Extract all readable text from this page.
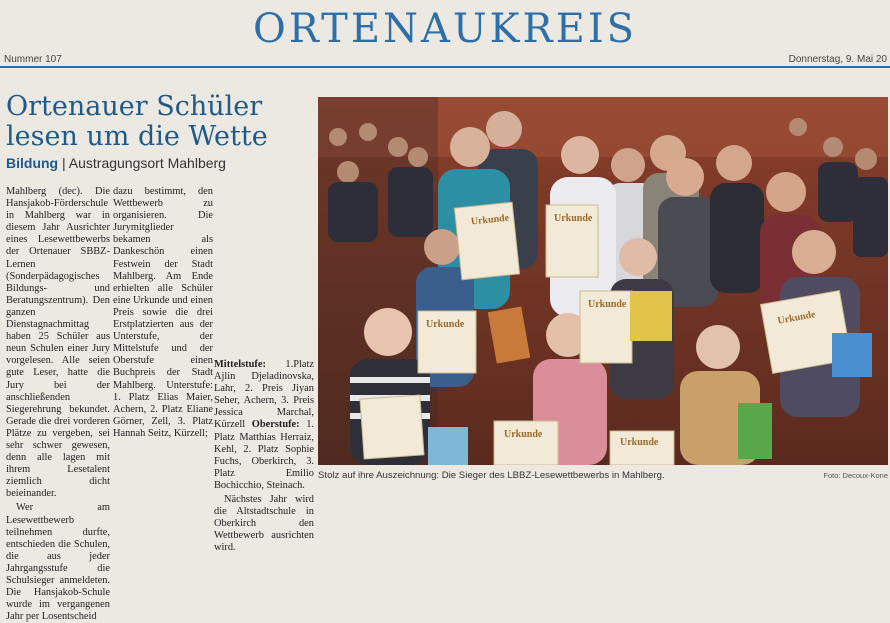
ORTENAUKREIS
Nummer 107	Donnerstag, 9. Mai 20
Ortenauer Schüler
lesen um die Wette
Bildung | Austragungsort Mahlberg

Mahlberg (dec). Die Hansjakob-Förderschule in Mahlberg war in diesem Jahr Ausrichter eines Lesewettbewerbs der Ortenauer SBBZ-Lernen (Sonderpädagogisches Bildungs- und Beratungszentrum). Den ganzen Dienstagnachmittag haben 25 Schüler aus neun Schulen einer Jury vorgelesen. Alle seien gute Leser, hatte die Jury bei der anschließenden Siegerehrung bekundet. Gerade die drei vorderen Plätze zu vergeben, sei sehr schwer gewesen, denn alle lagen mit ihrem Lesetalent ziemlich dicht beieinander.

Wer am Lesewettbewerb teilnehmen durfte, entschieden die Schulen, die aus jeder Jahrgangsstufe die Schulsieger anmeldeten. Die Hansjakob-Schule wurde im vergangenen Jahr per Losentscheid

dazu bestimmt, den Wettbewerb zu organisieren. Die Jurymitglieder bekamen als Dankeschön einen Festwein der Stadt Mahlberg. Am Ende erhielten alle Schüler eine Urkunde und einen Preis sowie die drei Erstplatzierten aus der Unterstufe, der Mittelstufe und der Oberstufe einen Buchpreis der Stadt Mahlberg. Unterstufe: 1. Platz Elias Maier, Achern, 2. Platz Eliane Görner, Zell, 3. Platz Hannah Seitz, Kürzell;

Mittelstufe: 1.Platz Ajlin Djeladinovska, Lahr, 2. Preis Jiyan Seher, Achern, 3. Preis Jessica Marchal, Kürzell Oberstufe: 1. Platz Matthias Herraiz, Kehl, 2. Platz Sophie Fuchs, Oberkirch, 3. Platz Emilio Bochicchio, Steinach.

Nächstes Jahr wird die Altstadtschule in Oberkirch den Wettbewerb ausrichten wird.

Urkunde	Urkunde
Urkunde
Urkunde
Urkunde
Urkunde
Urkunde
Stolz auf ihre Auszeichnung: Die Sieger des LBBZ-Lesewettbewerbs in Mahlberg.	Foto: Decoux-Kone
